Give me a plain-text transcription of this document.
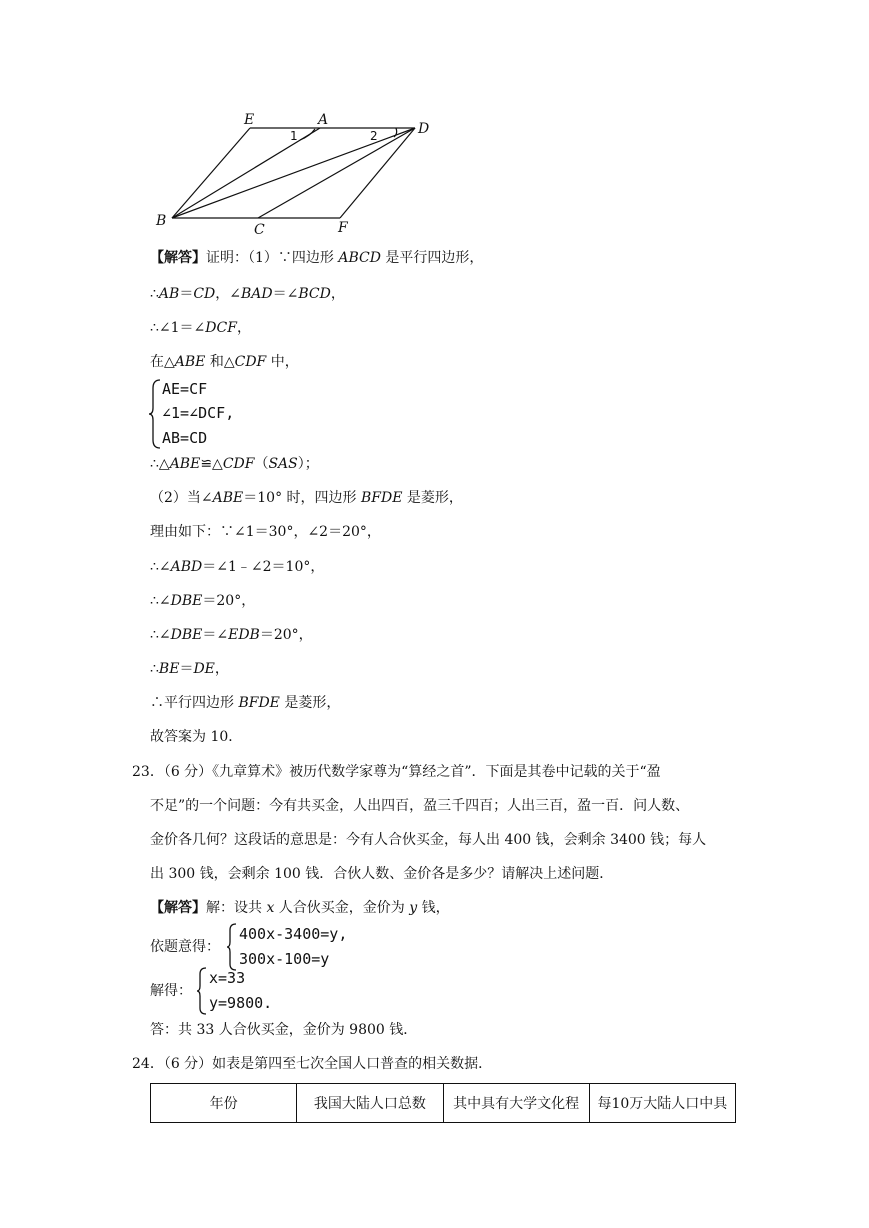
E	A
D
B
C	F
1	2
【解答】证明：（1）∵四边形 ABCD 是平行四边形，
∴AB＝CD，∠BAD＝∠BCD，
∴∠1＝∠DCF，
在△ABE 和△CDF 中，
AE=CF
∠1=∠DCF,
AB=CD
∴△ABE≌△CDF（SAS）；
（2）当∠ABE＝10° 时，四边形 BFDE 是菱形，
理由如下：∵∠1＝30°，∠2＝20°，
∴∠ABD＝∠1﹣∠2＝10°，
∴∠DBE＝20°，
∴∠DBE＝∠EDB＝20°，
∴BE＝DE，
∴平行四边形 BFDE 是菱形，
故答案为 10．
23．（6 分）《九章算术》被历代数学家尊为“算经之首”．下面是其卷中记载的关于“盈
不足”的一个问题：今有共买金，人出四百，盈三千四百；人出三百，盈一百．问人数、
金价各几何？这段话的意思是：今有人合伙买金，每人出 400 钱，会剩余 3400 钱；每人
出 300 钱，会剩余 100 钱．合伙人数、金价各是多少？请解决上述问题．
【解答】解：设共 x 人合伙买金，金价为 y 钱，
依题意得：
400x-3400=y,
300x-100=y
解得：
x=33
y=9800.
答：共 33 人合伙买金，金价为 9800 钱．
24．（6 分）如表是第四至七次全国人口普查的相关数据．
年份	我国大陆人口总数	其中具有大学文化程	每10万大陆人口中具
